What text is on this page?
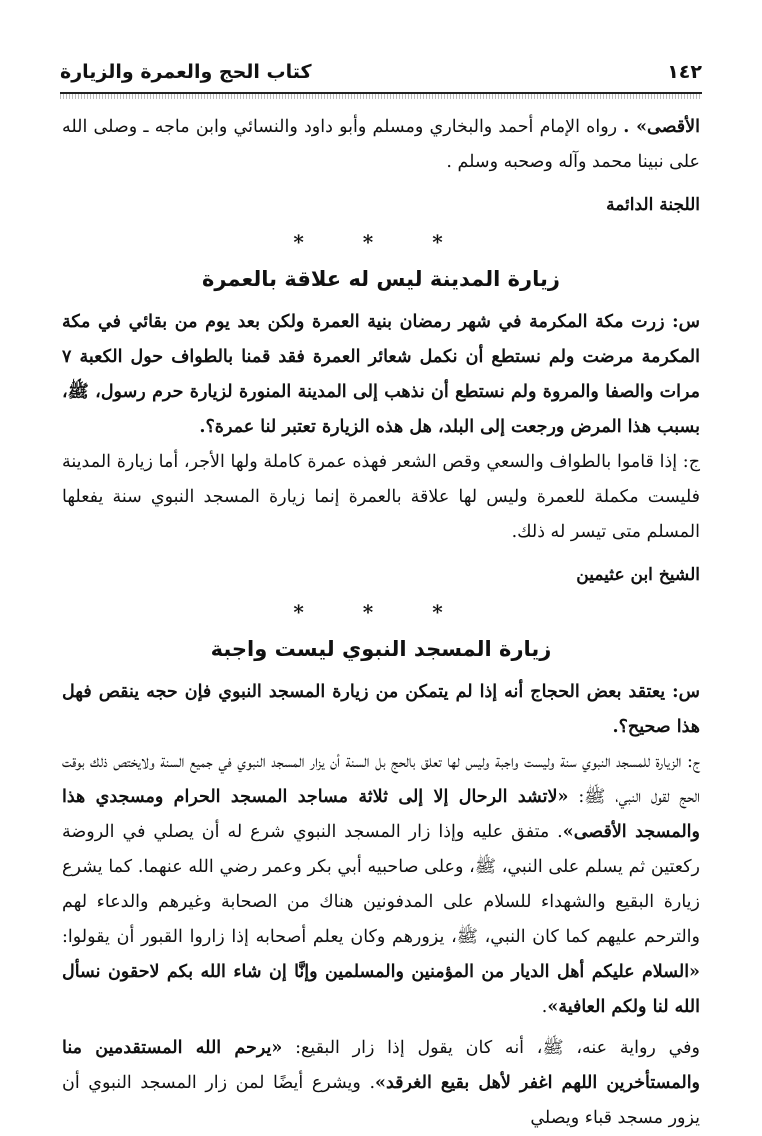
١٤٢
كتاب الحج والعمرة والزيارة

الأقصى» . رواه الإمام أحمد والبخاري ومسلم وأبو داود والنسائي وابن ماجه ـ وصلى الله على نبينا محمد وآله وصحبه وسلم .

اللجنة الدائمة
* * *
زيارة المدينة ليس له علاقة بالعمرة

س: زرت مكة المكرمة في شهر رمضان بنية العمرة ولكن بعد يوم من بقائي في مكة المكرمة مرضت ولم نستطع أن نكمل شعائر العمرة فقد قمنا بالطواف حول الكعبة ٧ مرات والصفا والمروة ولم نستطع أن نذهب إلى المدينة المنورة لزيارة حرم رسول، ﷺ، بسبب هذا المرض ورجعت إلى البلد، هل هذه الزيارة تعتبر لنا عمرة؟.

ج: إذا قاموا بالطواف والسعي وقص الشعر فهذه عمرة كاملة ولها الأجر، أما زيارة المدينة فليست مكملة للعمرة وليس لها علاقة بالعمرة إنما زيارة المسجد النبوي سنة يفعلها المسلم متى تيسر له ذلك.

الشيخ ابن عثيمين
* * *
زيارة المسجد النبوي ليست واجبة

س: يعتقد بعض الحجاج أنه إذا لم يتمكن من زيارة المسجد النبوي فإن حجه ينقص فهل هذا صحيح؟.

ج: الزيارة للمسجد النبوي سنة وليست واجبة وليس لها تعلق بالحج بل السنة أن يزار المسجد النبوي في جميع السنة ولايختص ذلك بوقت الحج لقول النبي، ﷺ: «لاتشد الرحال إلا إلى ثلاثة مساجد المسجد الحرام ومسجدي هذا والمسجد الأقصى». متفق عليه وإذا زار المسجد النبوي شرع له أن يصلي في الروضة ركعتين ثم يسلم على النبي، ﷺ، وعلى صاحبيه أبي بكر وعمر رضي الله عنهما. كما يشرع زيارة البقيع والشهداء للسلام على المدفونين هناك من الصحابة وغيرهم والدعاء لهم والترحم عليهم كما كان النبي، ﷺ، يزورهم وكان يعلم أصحابه إذا زاروا القبور أن يقولوا: «السلام عليكم أهل الديار من المؤمنين والمسلمين وإنَّا إن شاء الله بكم لاحقون نسأل الله لنا ولكم العافية».

وفي رواية عنه، ﷺ، أنه كان يقول إذا زار البقيع: «يرحم الله المستقدمين منا والمستأخرين اللهم اغفر لأهل بقيع الغرقد». ويشرع أيضًا لمن زار المسجد النبوي أن يزور مسجد قباء ويصلي
